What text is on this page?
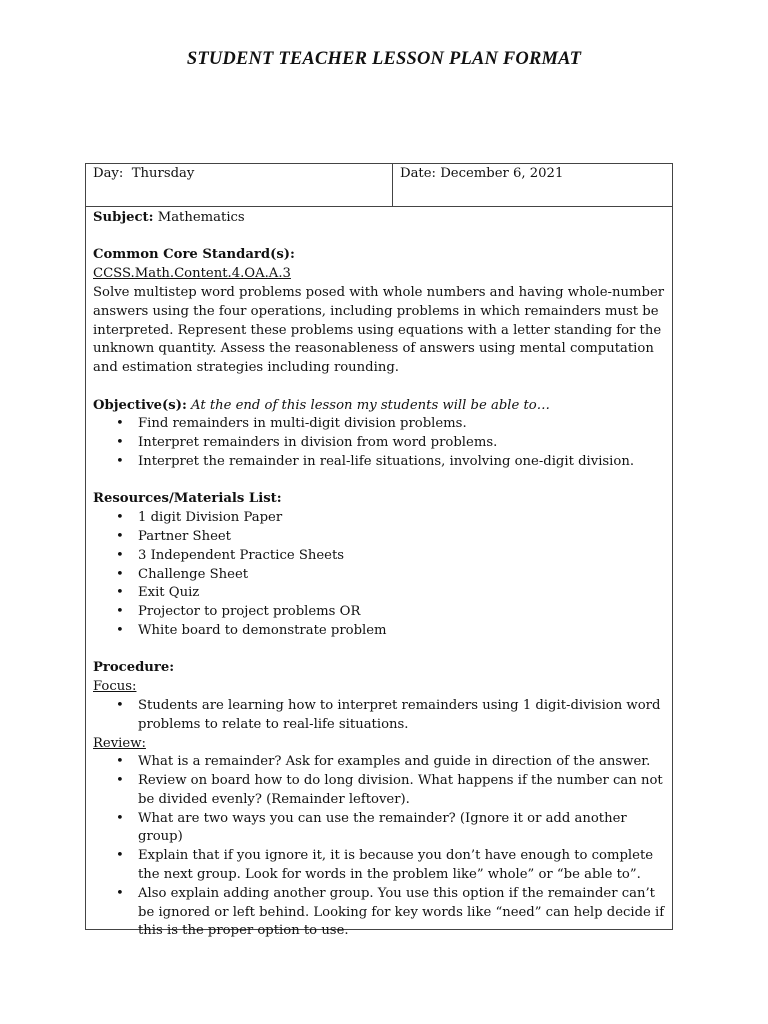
STUDENT TEACHER LESSON PLAN FORMAT
Day: Thursday	Date: December 6, 2021

Subject: Mathematics

Common Core Standard(s):

CCSS.Math.Content.4.OA.A.3

Solve multistep word problems posed with whole numbers and having whole-number answers using the four operations, including problems in which remainders must be interpreted. Represent these problems using equations with a letter standing for the unknown quantity. Assess the reasonableness of answers using mental computation and estimation strategies including rounding.

Objective(s): At the end of this lesson my students will be able to…

• Find remainders in multi-digit division problems.
• Interpret remainders in division from word problems.
• Interpret the remainder in real-life situations, involving one-digit division.

Resources/Materials List:

• 1 digit Division Paper
• Partner Sheet
• 3 Independent Practice Sheets
• Challenge Sheet
• Exit Quiz
• Projector to project problems OR
• White board to demonstrate problem

Procedure:

Focus:

• Students are learning how to interpret remainders using 1 digit-division word problems to relate to real-life situations.

Review:

• What is a remainder? Ask for examples and guide in direction of the answer.
• Review on board how to do long division. What happens if the number can not be divided evenly? (Remainder leftover).
• What are two ways you can use the remainder? (Ignore it or add another group)
• Explain that if you ignore it, it is because you don’t have enough to complete the next group. Look for words in the problem like” whole” or “be able to”.
• Also explain adding another group. You use this option if the remainder can’t be ignored or left behind. Looking for key words like “need” can help decide if this is the proper option to use.
